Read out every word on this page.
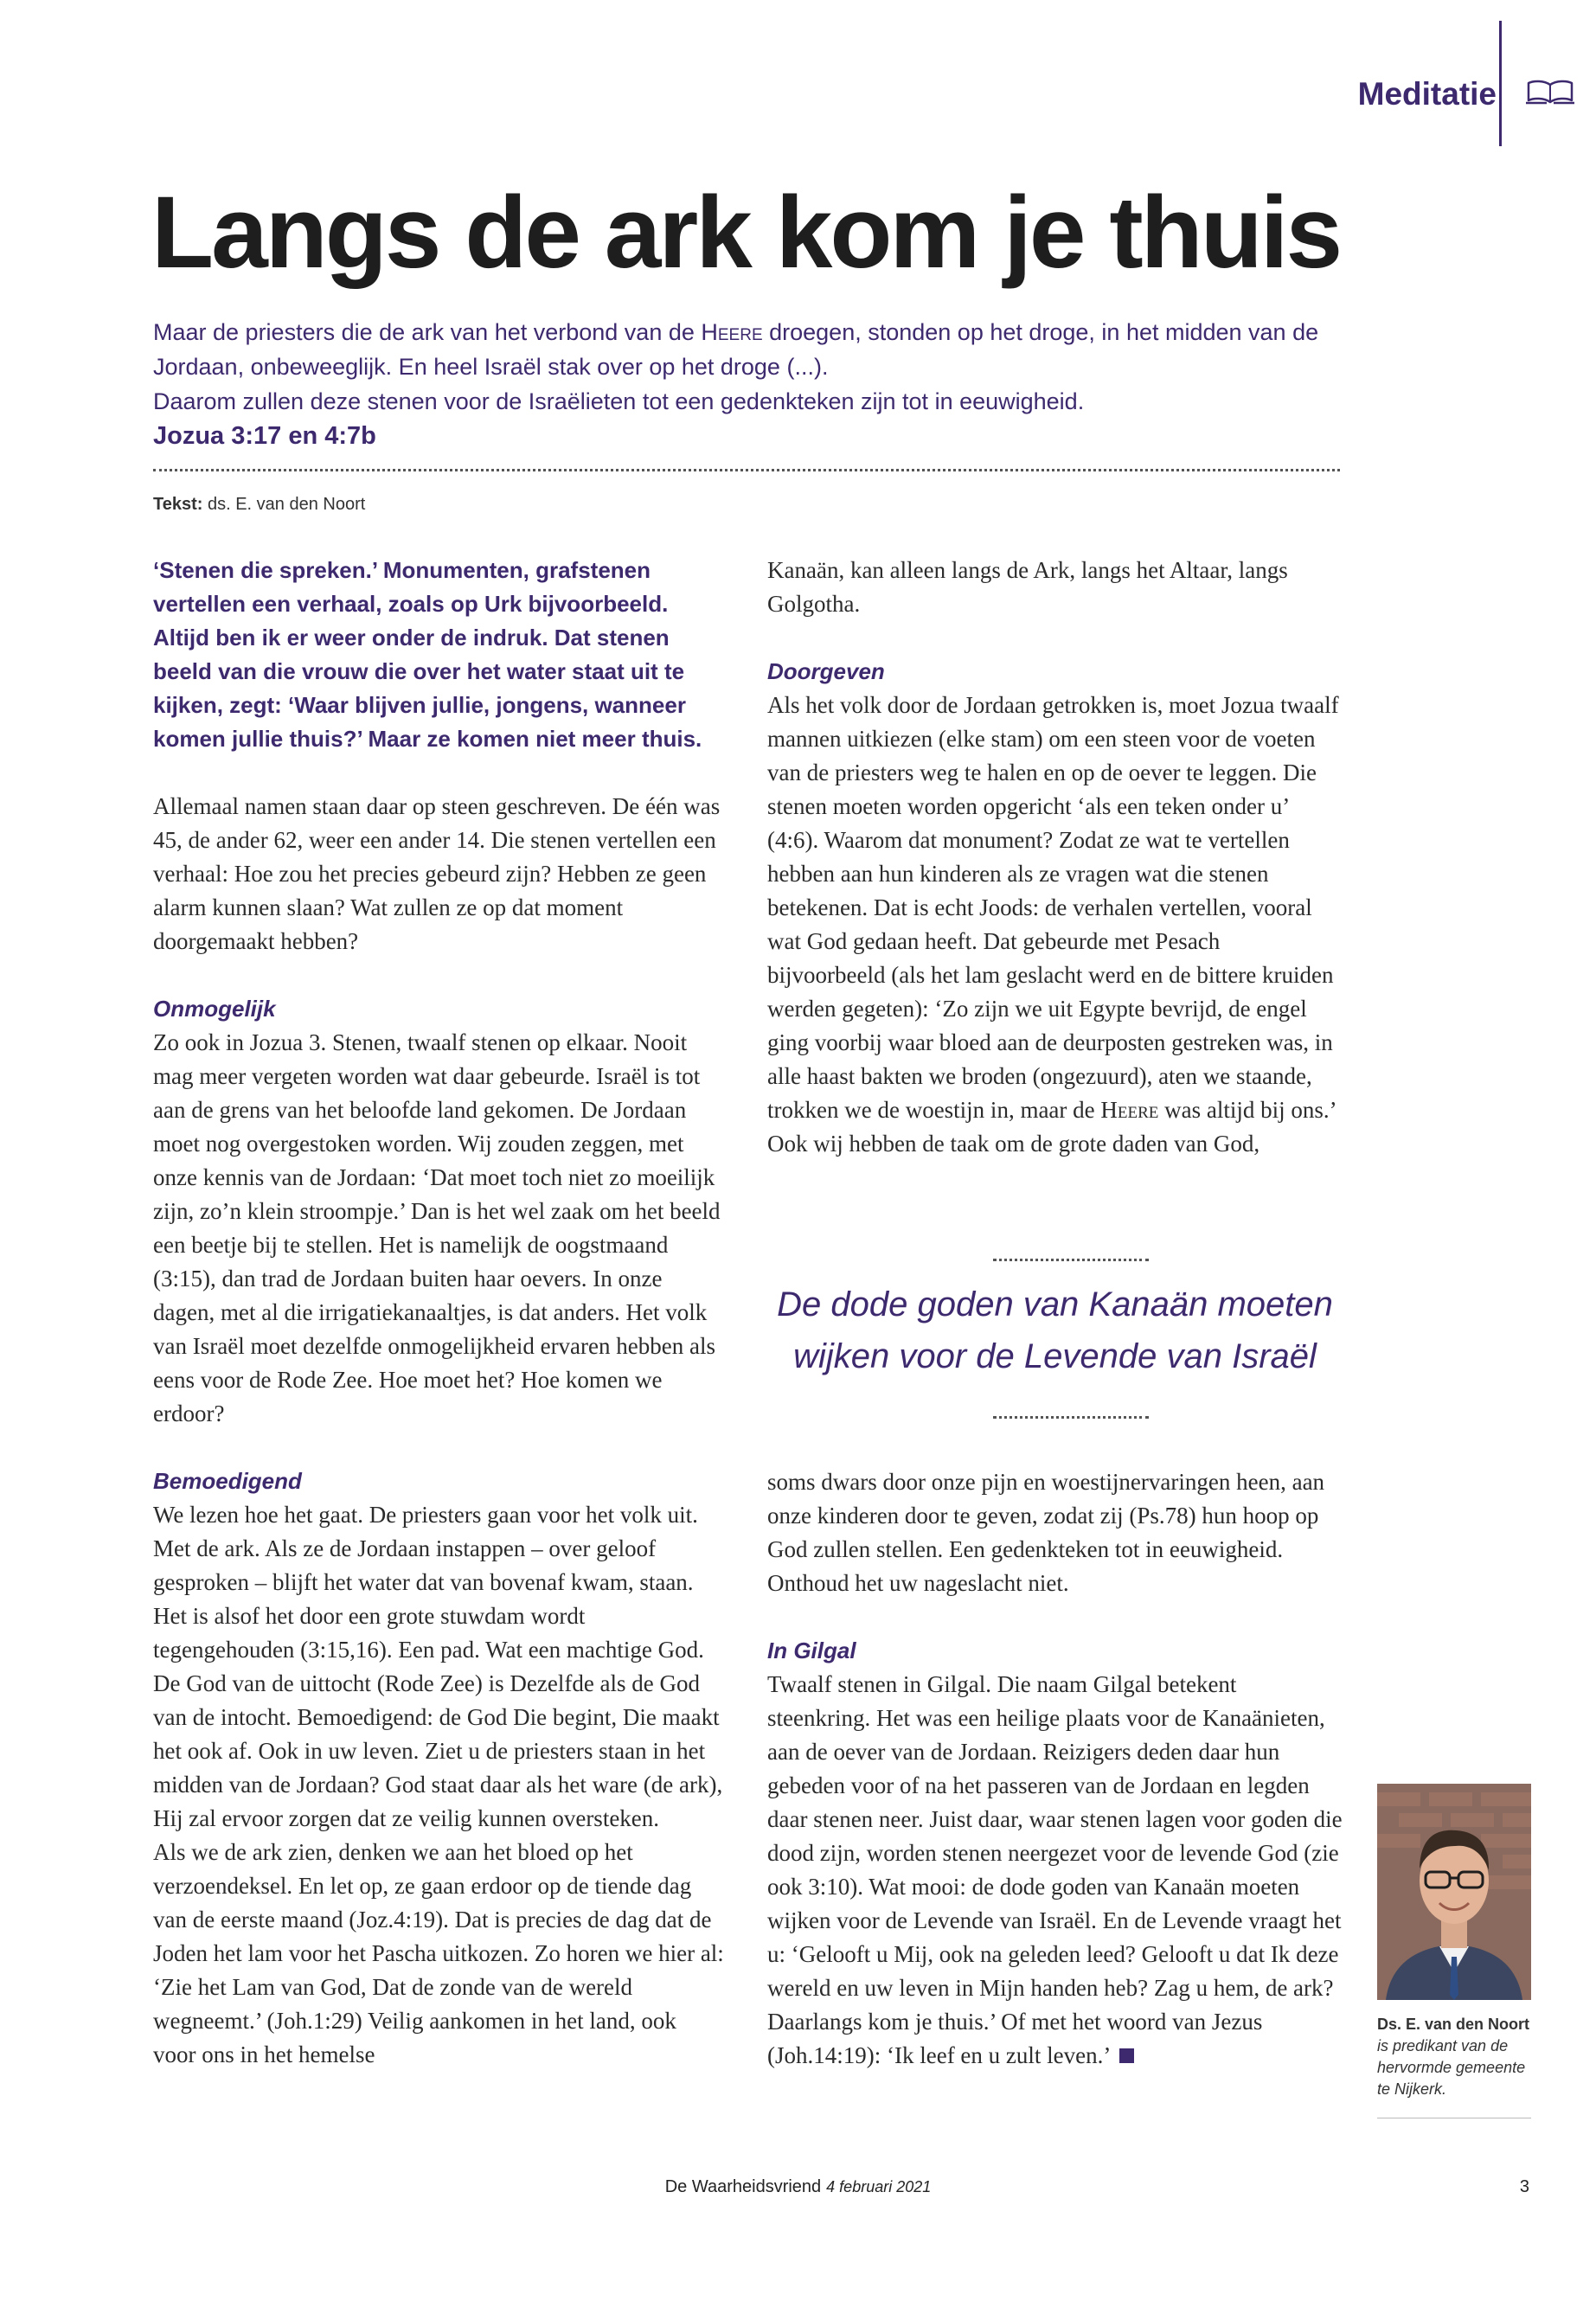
Meditatie
Langs de ark kom je thuis

Maar de priesters die de ark van het verbond van de Heere droegen, stonden op het droge, in het midden van de Jordaan, onbeweeglijk. En heel Israël stak over op het droge (...).

Daarom zullen deze stenen voor de Israëlieten tot een gedenkteken zijn tot in eeuwigheid.

Jozua 3:17 en 4:7b

Tekst: ds. E. van den Noort

‘Stenen die spreken.’ Monumenten, grafstenen vertellen een verhaal, zoals op Urk bijvoorbeeld. Altijd ben ik er weer onder de indruk. Dat stenen beeld van die vrouw die over het water staat uit te kijken, zegt: ‘Waar blijven jullie, jongens, wanneer komen jullie thuis?’ Maar ze komen niet meer thuis.

Allemaal namen staan daar op steen geschreven. De één was 45, de ander 62, weer een ander 14. Die stenen vertellen een verhaal: Hoe zou het precies gebeurd zijn? Hebben ze geen alarm kunnen slaan? Wat zullen ze op dat moment doorgemaakt hebben?

Onmogelijk

Zo ook in Jozua 3. Stenen, twaalf stenen op elkaar. Nooit mag meer vergeten worden wat daar gebeurde. Israël is tot aan de grens van het beloofde land gekomen. De Jordaan moet nog overgestoken worden. Wij zouden zeggen, met onze kennis van de Jordaan: ‘Dat moet toch niet zo moeilijk zijn, zo’n klein stroompje.’ Dan is het wel zaak om het beeld een beetje bij te stellen. Het is namelijk de oogstmaand (3:15), dan trad de Jordaan buiten haar oevers. In onze dagen, met al die irrigatiekanaaltjes, is dat anders. Het volk van Israël moet dezelfde onmogelijkheid ervaren hebben als eens voor de Rode Zee. Hoe moet het? Hoe komen we erdoor?

Bemoedigend

We lezen hoe het gaat. De priesters gaan voor het volk uit. Met de ark. Als ze de Jordaan instappen – over geloof gesproken – blijft het water dat van bovenaf kwam, staan. Het is alsof het door een grote stuwdam wordt tegengehouden (3:15,16). Een pad. Wat een machtige God. De God van de uittocht (Rode Zee) is Dezelfde als de God van de intocht. Bemoedigend: de God Die begint, Die maakt het ook af. Ook in uw leven. Ziet u de priesters staan in het midden van de Jordaan? God staat daar als het ware (de ark), Hij zal ervoor zorgen dat ze veilig kunnen oversteken.

Als we de ark zien, denken we aan het bloed op het verzoendeksel. En let op, ze gaan erdoor op de tiende dag van de eerste maand (Joz.4:19). Dat is precies de dag dat de Joden het lam voor het Pascha uitkozen. Zo horen we hier al: ‘Zie het Lam van God, Dat de zonde van de wereld wegneemt.’ (Joh.1:29) Veilig aankomen in het land, ook voor ons in het hemelse

Kanaän, kan alleen langs de Ark, langs het Altaar, langs Golgotha.

Doorgeven

Als het volk door de Jordaan getrokken is, moet Jozua twaalf mannen uitkiezen (elke stam) om een steen voor de voeten van de priesters weg te halen en op de oever te leggen. Die stenen moeten worden opgericht ‘als een teken onder u’ (4:6). Waarom dat monument? Zodat ze wat te vertellen hebben aan hun kinderen als ze vragen wat die stenen betekenen. Dat is echt Joods: de verhalen vertellen, vooral wat God gedaan heeft. Dat gebeurde met Pesach bijvoorbeeld (als het lam geslacht werd en de bittere kruiden werden gegeten): ‘Zo zijn we uit Egypte bevrijd, de engel ging voorbij waar bloed aan de deurposten gestreken was, in alle haast bakten we broden (ongezuurd), aten we staande, trokken we de woestijn in, maar de Heere was altijd bij ons.’

Ook wij hebben de taak om de grote daden van God,

De dode goden van Kanaän moeten
wijken voor de Levende van Israël

soms dwars door onze pijn en woestijnervaringen heen, aan onze kinderen door te geven, zodat zij (Ps.78) hun hoop op God zullen stellen. Een gedenkteken tot in eeuwigheid. Onthoud het uw nageslacht niet.

In Gilgal

Twaalf stenen in Gilgal. Die naam Gilgal betekent steenkring. Het was een heilige plaats voor de Kanaänieten, aan de oever van de Jordaan. Reizigers deden daar hun gebeden voor of na het passeren van de Jordaan en legden daar stenen neer. Juist daar, waar stenen lagen voor goden die dood zijn, worden stenen neergezet voor de levende God (zie ook 3:10). Wat mooi: de dode goden van Kanaän moeten wijken voor de Levende van Israël. En de Levende vraagt het u: ‘Gelooft u Mij, ook na geleden leed? Gelooft u dat Ik deze wereld en uw leven in Mijn handen heb? Zag u hem, de ark? Daarlangs kom je thuis.’ Of met het woord van Jezus (Joh.14:19): ‘Ik leef en u zult leven.’

Ds. E. van den Noort
is predikant van de hervormde gemeente te Nijkerk.
De Waarheidsvriend 4 februari 2021	3
